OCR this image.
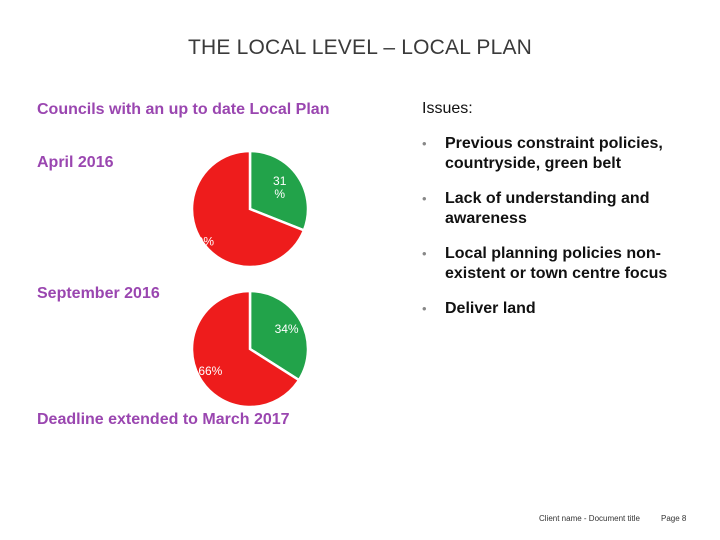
THE LOCAL LEVEL – LOCAL PLAN
Councils with an up to date Local Plan
April 2016
September 2016
Deadline extended to March 2017
31 %
69%
34%
66%
Issues:
• Previous constraint policies, countryside, green belt
• Lack of understanding and awareness
• Local planning policies non-existent or town centre focus
• Deliver land
Client name - Document title	Page 8
